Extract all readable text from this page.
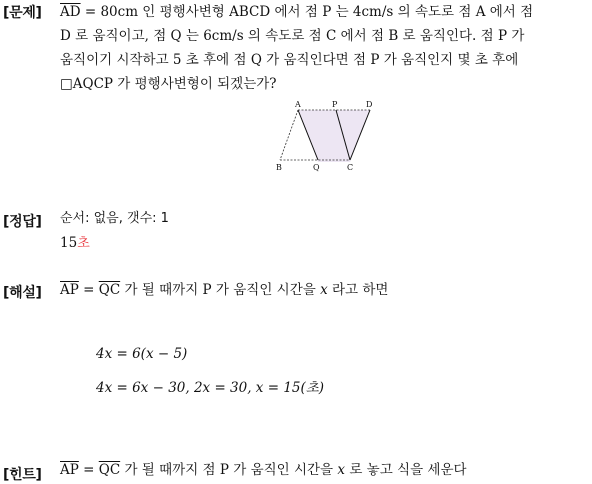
[문제] $\overline{AD} = 80cm$ 인 평행사변형 ABCD 에서 점 P 는 4cm/s 의 속도로 점 A 에서 점
D 로 움직이고, 점 Q 는 6cm/s 의 속도로 점 C 에서 점 B 로 움직인다. 점 P 가
움직이기 시작하고 5 초 후에 점 Q 가 움직인다면 점 P 가 움직인지 몇 초 후에
□AQCP 가 평행사변형이 되겠는가?
A	P	D
B	Q	C
[정답] 순서: 없음, 갯수: 1
15초
[해설] $\overline{AP} = \overline{QC}$ 가 될 때까지 P 가 움직인 시간을 x 라고 하면
4x = 6(x − 5)
4x = 6x − 30, 2x = 30, x = 15(초)
[힌트] $\overline{AP} = \overline{QC}$ 가 될 때까지 점 P 가 움직인 시간을 x 로 놓고 식을 세운다
